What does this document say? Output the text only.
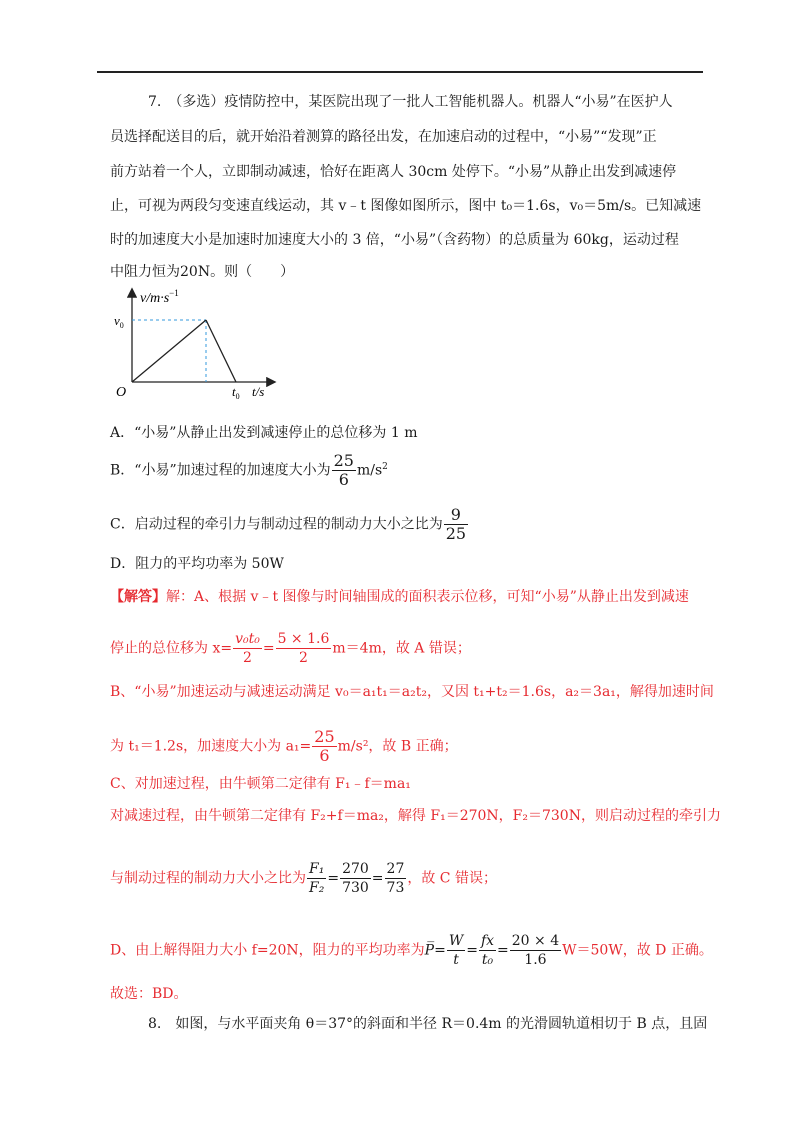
7.　（多选）疫情防控中，某医院出现了一批人工智能机器人。机器人“小易”在医护人
员选择配送目的后，就开始沿着测算的路径出发，在加速启动的过程中，“小易”“发现”正
前方站着一个人，立即制动减速，恰好在距离人 30cm 处停下。“小易”从静止出发到减速停
止，可视为两段匀变速直线运动，其 v﹣t 图像如图所示，图中 t₀＝1.6s，v₀＝5m/s。已知减速
时的加速度大小是加速时加速度大小的 3 倍，“小易”（含药物）的总质量为 60kg，运动过程
中阻力恒为20N。则（　　）
$v/m\cdot s^{-1}$
$v_0$
O	$t_0$ t/s
A．“小易”从静止出发到减速停止的总位移为 1 m
B．“小易”加速过程的加速度大小为 $\frac{25}{6} m/s^2$
C．启动过程的牵引力与制动过程的制动力大小之比为 $\frac{9}{25}$
D．阻力的平均功率为 50W
【解答】解：A、根据 v﹣t 图像与时间轴围成的面积表示位移，可知“小易”从静止出发到减速
停止的总位移为 $x= \frac{\text{v₀t₀}}{2} = \frac{5 \times 1.6}{2} m=4m$，故 A 错误；
B、“小易”加速运动与减速运动满足 v₀＝a₁t₁＝a₂t₂，又因 t₁+t₂＝1.6s，a₂＝3a₁，解得加速时间
为 t₁＝1.2s，加速度大小为 $a_1= \frac{25}{6} m/s^2$，故 B 正确；
C、对加速过程，由牛顿第二定律有 F₁﹣f＝ma₁
对减速过程，由牛顿第二定律有 F₂+f＝ma₂，解得 F₁＝270N，F₂＝730N，则启动过程的牵引力
与制动过程的制动力大小之比为 $\frac{\text{F₁}}{\text{F₂}} = \frac{270}{730} = \frac{27}{73}$ ，故 C 错误；
D、由上解得阻力大小 f=20N，阻力的平均功率为P̅= $\frac{W}{t} = \frac{fx}{\text{t₀}} = \frac{20 \times 4}{1.6} W=50W$，故 D 正确。
故选：BD。
8.　如图，与水平面夹角 θ＝37°的斜面和半径 R＝0.4m 的光滑圆轨道相切于 B 点，且固
